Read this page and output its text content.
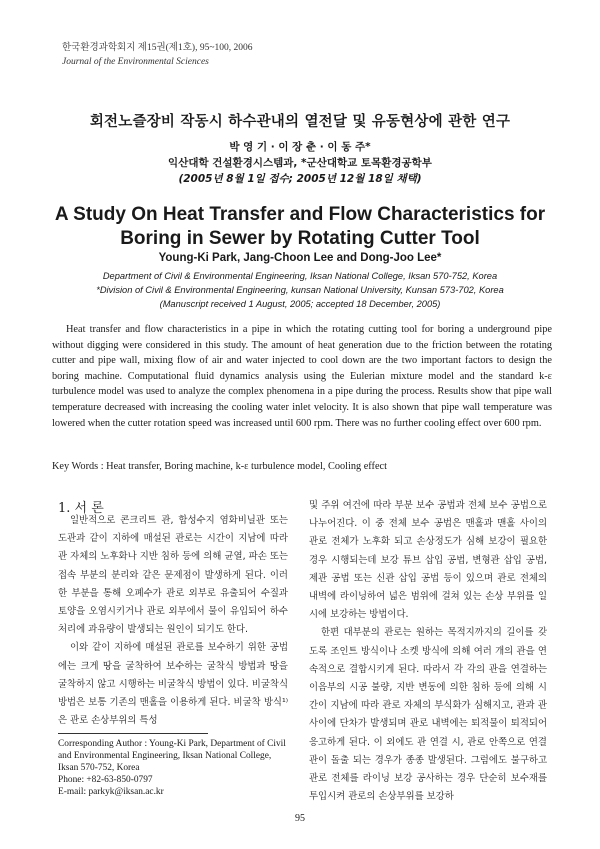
한국환경과학회지 제15권(제1호), 95~100, 2006
Journal of the Environmental Sciences
회전노즐장비 작동시 하수관내의 열전달 및 유동현상에 관한 연구
박 영 기 · 이 장 춘 · 이 동 주*
익산대학 건설환경시스템과, *군산대학교 토목환경공학부
(2005년 8월 1일 접수; 2005년 12월 18일 채택)
A Study On Heat Transfer and Flow Characteristics for
Boring in Sewer by Rotating Cutter Tool
Young-Ki Park, Jang-Choon Lee and Dong-Joo Lee*
Department of Civil & Environmental Engineering, Iksan National College, Iksan 570-752, Korea
*Division of Civil & Environmental Engineering, kunsan National University, Kunsan 573-702, Korea
(Manuscript received 1 August, 2005; accepted 18 December, 2005)
Heat transfer and flow characteristics in a pipe in which the rotating cutting tool for boring a underground pipe without digging were considered in this study. The amount of heat generation due to the friction between the rotating cutter and pipe wall, mixing flow of air and water injected to cool down are the two important factors to design the boring machine. Computational fluid dynamics analysis using the Eulerian mixture model and the standard k-ε turbulence model was used to analyze the complex phenomena in a pipe during the process. Results show that pipe wall temperature decreased with increasing the cooling water inlet velocity. It is also shown that pipe wall temperature was lowered when the cutter rotation speed was increased until 600 rpm. There was no further cooling effect over 600 rpm.
Key Words : Heat transfer, Boring machine, k-ε turbulence model, Cooling effect
1. 서 론

일반적으로 콘크리트 관, 합성수지 염화비닐관 또는 도관과 같이 지하에 매설된 관로는 시간이 지남에 따라 관 자체의 노후화나 지반 침하 등에 의해 균열, 파손 또는 접속 부분의 분리와 같은 문제점이 발생하게 된다. 이러한 부분을 통해 오폐수가 관로 외부로 유출되어 수질과 토양을 오염시키거나 관로 외부에서 물이 유입되어 하수처리에 과유량이 발생되는 원인이 되기도 한다.

이와 같이 지하에 매설된 관로를 보수하기 위한 공법에는 크게 땅을 굴착하여 보수하는 굴착식 방법과 땅을 굴착하지 않고 시행하는 비굴착식 방법이 있다. 비굴착식 방법은 보통 기존의 맨홀을 이용하게 된다. 비굴착 방식¹⁾은 관로 손상부위의 특성

및 주위 여건에 따라 부분 보수 공법과 전체 보수 공법으로 나누어진다. 이 중 전체 보수 공법은 맨홀과 맨홀 사이의 관로 전체가 노후화 되고 손상정도가 심해 보강이 필요한 경우 시행되는데 보강 튜브 삽입 공법, 변형관 삽입 공법, 제관 공법 또는 신관 삽입 공법 등이 있으며 관로 전체의 내벽에 라이닝하여 넓은 범위에 걸쳐 있는 손상 부위를 일시에 보강하는 방법이다.

한편 대부분의 관로는 원하는 목적지까지의 길이를 갖도록 조인트 방식이나 소켓 방식에 의해 여러 개의 관을 연속적으로 결합시키게 된다. 따라서 각 각의 관을 연결하는 이음부의 시공 불량, 지반 변동에 의한 침하 등에 의해 시간이 지남에 따라 관로 자체의 부식화가 심해지고, 관과 관 사이에 단차가 발생되며 관로 내벽에는 퇴적물이 퇴적되어 응고하게 된다. 이 외에도 관 연결 시, 관로 안쪽으로 연결관이 돌출 되는 경우가 종종 발생된다. 그럼에도 불구하고 관로 전체를 라이닝 보강 공사하는 경우 단순히 보수재를 투입시켜 관로의 손상부위를 보강하

Corresponding Author : Young-Ki Park, Department of Civil
and Environmental Engineering, Iksan National College,
Iksan 570-752, Korea
Phone: +82-63-850-0797
E-mail: parkyk@iksan.ac.kr
95
